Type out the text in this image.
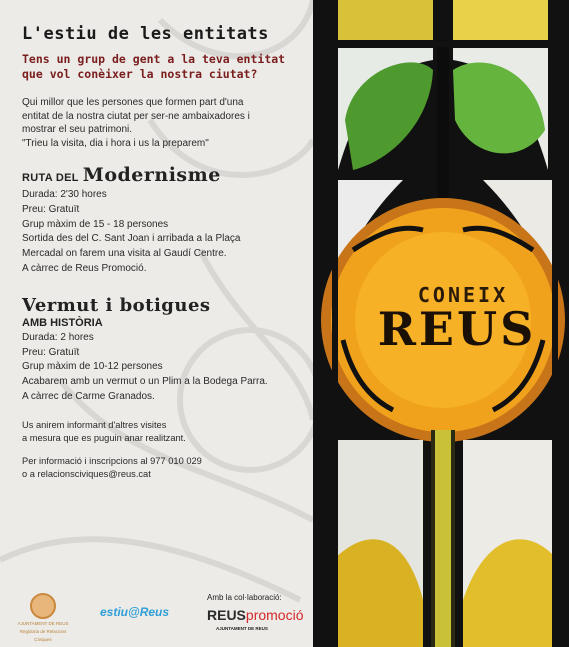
L'estiu de les entitats
Tens un grup de gent a la teva entitat que vol conèixer la nostra ciutat?
Qui millor que les persones que formen part d'una
entitat de la nostra ciutat per ser-ne ambaixadores i
mostrar el seu patrimoni.
"Trieu la visita, dia i hora i us la preparem"
RUTA DEL Modernisme
Durada: 2'30 hores
Preu: Gratuït
Grup màxim de 15 - 18 persones
Sortida des del C. Sant Joan i arribada a la Plaça
Mercadal on farem una visita al Gaudí Centre.
A càrrec de Reus Promoció.
Vermut i botigues
AMB HISTÒRIA
Durada: 2 hores
Preu: Gratuït
Grup màxim de 10-12 persones
Acabarem amb un vermut o un Plim a la Bodega Parra.
A càrrec de Carme Granados.
Us anirem informant d'altres visites
a mesura que es puguin anar realitzant.
Per informació i inscripcions al 977 010 029
o a relacionsciviques@reus.cat
AJUNTAMENT DE REUS
Regidoria de Relacions
Cíviques
estiu@Reus
Amb la col·laboració:
REUSpromoció
AJUNTAMENT DE REUS
CONEIX
REUS
